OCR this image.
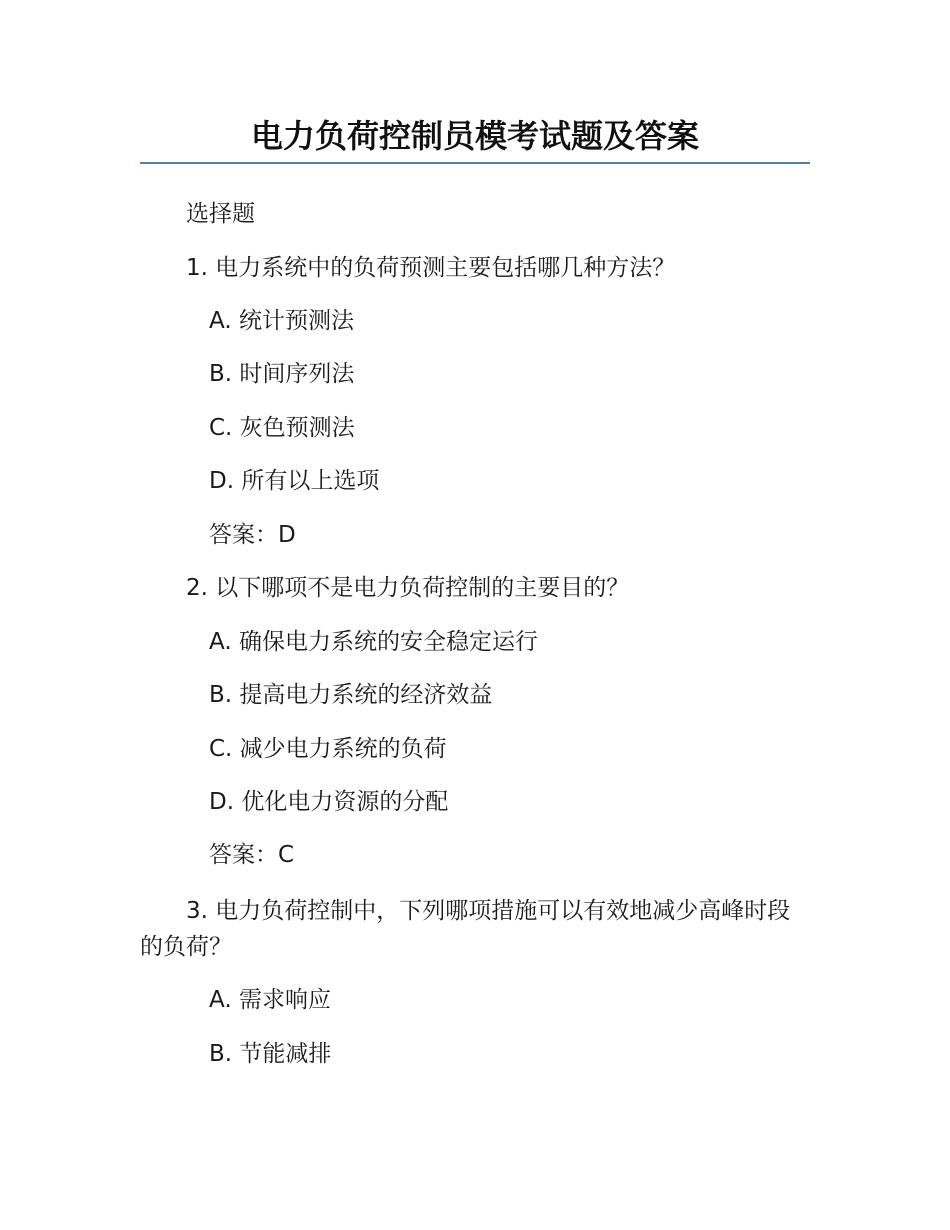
电力负荷控制员模考试题及答案
选择题
1. 电力系统中的负荷预测主要包括哪几种方法？
A. 统计预测法
B. 时间序列法
C. 灰色预测法
D. 所有以上选项
答案：D
2. 以下哪项不是电力负荷控制的主要目的？
A. 确保电力系统的安全稳定运行
B. 提高电力系统的经济效益
C. 减少电力系统的负荷
D. 优化电力资源的分配
答案：C
3. 电力负荷控制中，下列哪项措施可以有效地减少高峰时段的负荷？
A. 需求响应
B. 节能减排
